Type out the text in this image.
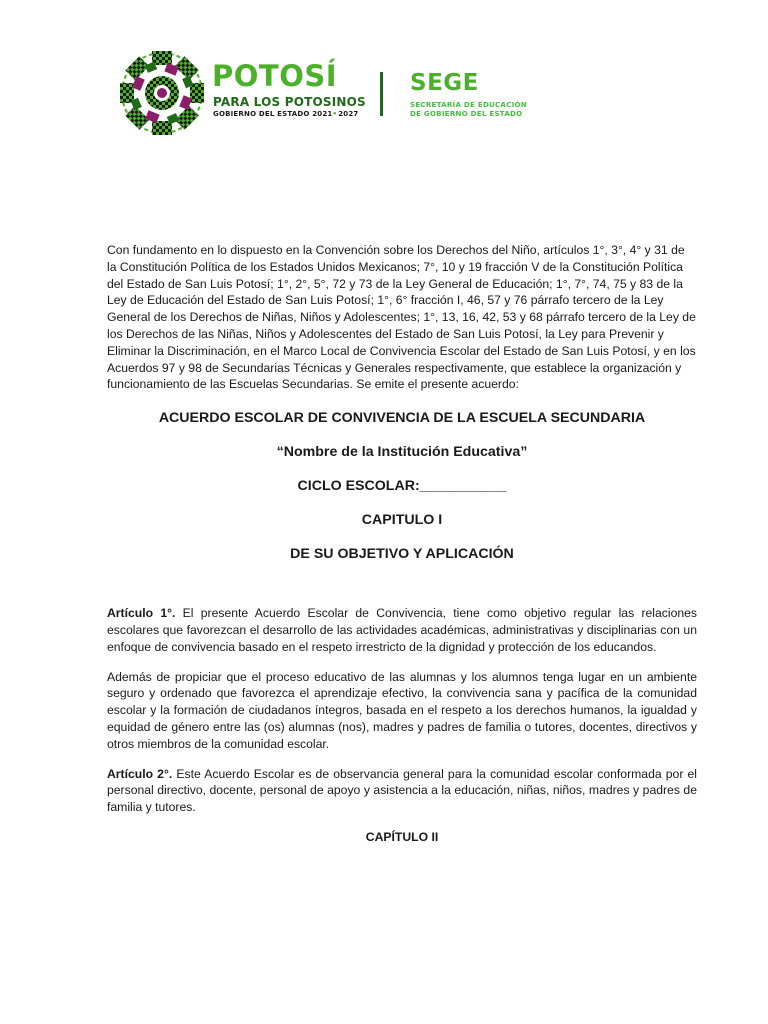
POTOSÍ
PARA LOS POTOSINOS
GOBIERNO DEL ESTADO 2021•2027
SEGE
SECRETARÍA DE EDUCACIÓN
DE GOBIERNO DEL ESTADO

Con fundamento en lo dispuesto en la Convención sobre los Derechos del Niño, artículos 1°, 3°, 4° y 31 de la Constitución Política de los Estados Unidos Mexicanos; 7°, 10 y 19 fracción V de la Constitución Política del Estado de San Luis Potosí; 1°, 2°, 5°, 72 y 73 de la Ley General de Educación; 1°, 7°, 74, 75 y 83 de la Ley de Educación del Estado de San Luis Potosí; 1°, 6° fracción I, 46, 57 y 76 párrafo tercero de la Ley General de los Derechos de Niñas, Niños y Adolescentes; 1°, 13, 16, 42, 53 y 68 párrafo tercero de la Ley de los Derechos de las Niñas, Niños y Adolescentes del Estado de San Luis Potosí, la Ley para Prevenir y Eliminar la Discriminación, en el Marco Local de Convivencia Escolar del Estado de San Luis Potosí, y en los Acuerdos 97 y 98 de Secundarias Técnicas y Generales respectivamente, que establece la organización y funcionamiento de las Escuelas Secundarias. Se emite el presente acuerdo:

ACUERDO ESCOLAR DE CONVIVENCIA DE LA ESCUELA SECUNDARIA

“Nombre de la Institución Educativa”

CICLO ESCOLAR:___________

CAPITULO I

DE SU OBJETIVO Y APLICACIÓN

Artículo 1°. El presente Acuerdo Escolar de Convivencia, tiene como objetivo regular las relaciones escolares que favorezcan el desarrollo de las actividades académicas, administrativas y disciplinarias con un enfoque de convivencia basado en el respeto irrestricto de la dignidad y protección de los educandos.

Además de propiciar que el proceso educativo de las alumnas y los alumnos tenga lugar en un ambiente seguro y ordenado que favorezca el aprendizaje efectivo, la convivencia sana y pacífica de la comunidad escolar y la formación de ciudadanos íntegros, basada en el respeto a los derechos humanos, la igualdad y equidad de género entre las (os) alumnas (nos), madres y padres de familia o tutores, docentes, directivos y otros miembros de la comunidad escolar.

Artículo 2°. Este Acuerdo Escolar es de observancia general para la comunidad escolar conformada por el personal directivo, docente, personal de apoyo y asistencia a la educación, niñas, niños, madres y padres de familia y tutores.

CAPÍTULO II
